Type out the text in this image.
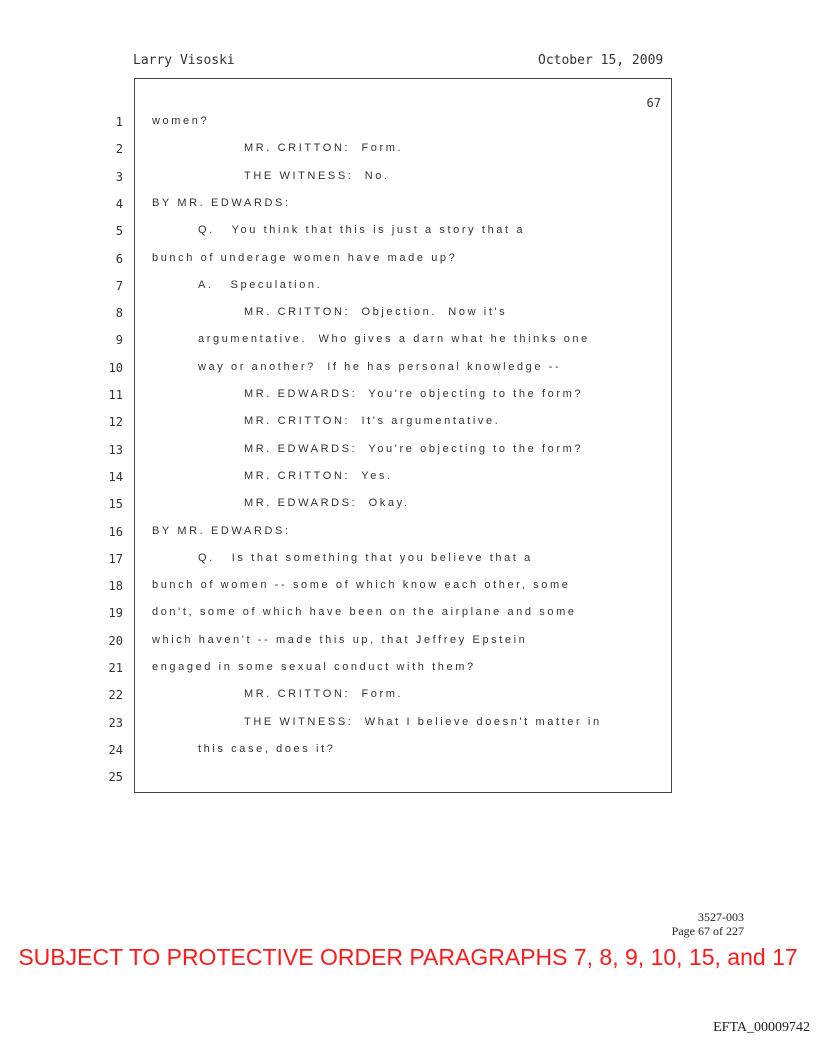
Larry Visoski	October 15, 2009
67
1	women?
2	MR. CRITTON:  Form.
3	THE WITNESS:  No.
4	BY MR. EDWARDS:
5	Q.   You think that this is just a story that a
6	bunch of underage women have made up?
7	A.   Speculation.
8	MR. CRITTON:  Objection.  Now it's
9	argumentative.  Who gives a darn what he thinks one
10	way or another?  If he has personal knowledge --
11	MR. EDWARDS:  You're objecting to the form?
12	MR. CRITTON:  It's argumentative.
13	MR. EDWARDS:  You're objecting to the form?
14	MR. CRITTON:  Yes.
15	MR. EDWARDS:  Okay.
16	BY MR. EDWARDS:
17	Q.   Is that something that you believe that a
18	bunch of women -- some of which know each other, some
19	don't, some of which have been on the airplane and some
20	which haven't -- made this up, that Jeffrey Epstein
21	engaged in some sexual conduct with them?
22	MR. CRITTON:  Form.
23	THE WITNESS:  What I believe doesn't matter in
24	this case, does it?
25
3527-003
Page 67 of 227
SUBJECT TO PROTECTIVE ORDER PARAGRAPHS 7, 8, 9, 10, 15, and 17
EFTA_00009742
